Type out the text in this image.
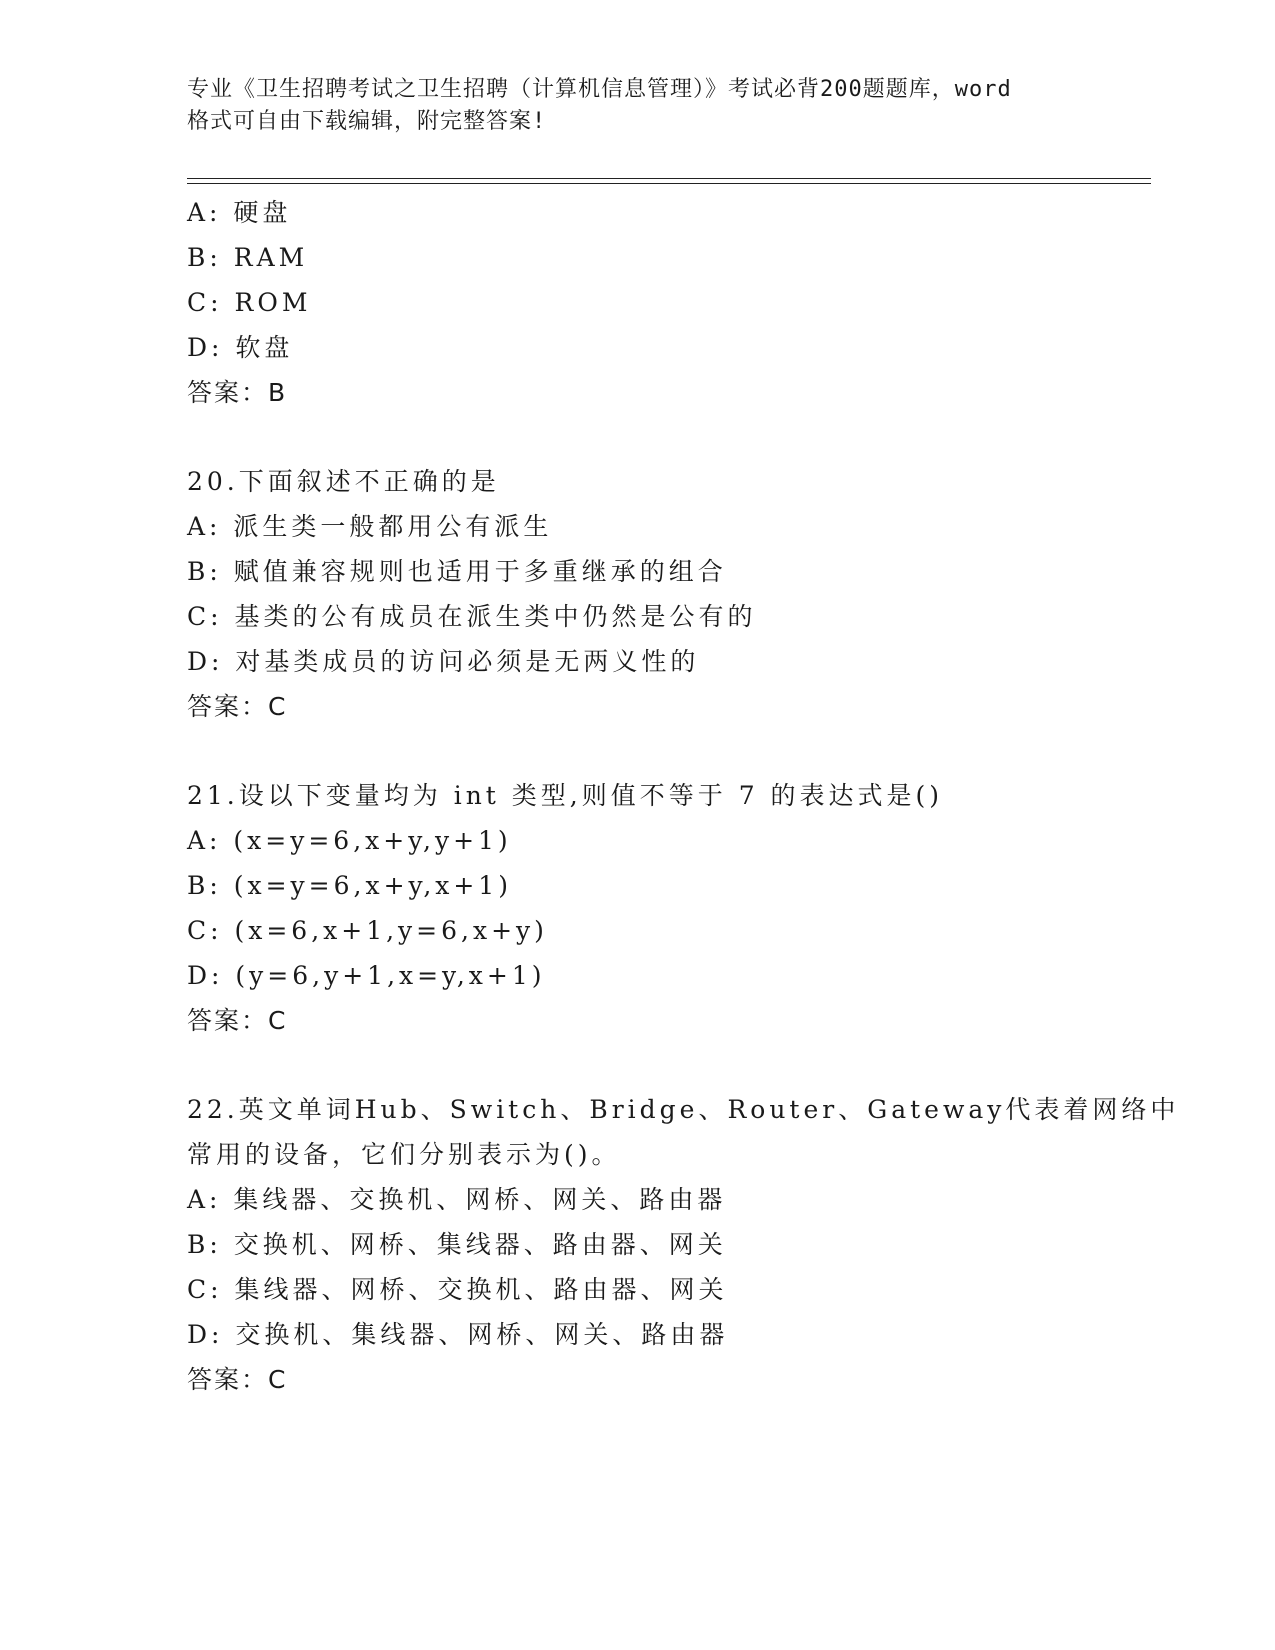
专业《卫生招聘考试之卫生招聘（计算机信息管理）》考试必背200题题库，word
格式可自由下载编辑，附完整答案!
A: 硬盘
B: RAM
C: ROM
D: 软盘
答案：B
20.下面叙述不正确的是
A: 派生类一般都用公有派生
B: 赋值兼容规则也适用于多重继承的组合
C: 基类的公有成员在派生类中仍然是公有的
D: 对基类成员的访问必须是无两义性的
答案：C
21.设以下变量均为 int 类型,则值不等于 7 的表达式是()
A: (x=y=6,x+y,y+1)
B: (x=y=6,x+y,x+1)
C: (x=6,x+1,y=6,x+y)
D: (y=6,y+1,x=y,x+1)
答案：C
22.英文单词Hub、Switch、Bridge、Router、Gateway代表着网络中
常用的设备，它们分别表示为()。
A: 集线器、交换机、网桥、网关、路由器
B: 交换机、网桥、集线器、路由器、网关
C: 集线器、网桥、交换机、路由器、网关
D: 交换机、集线器、网桥、网关、路由器
答案：C
